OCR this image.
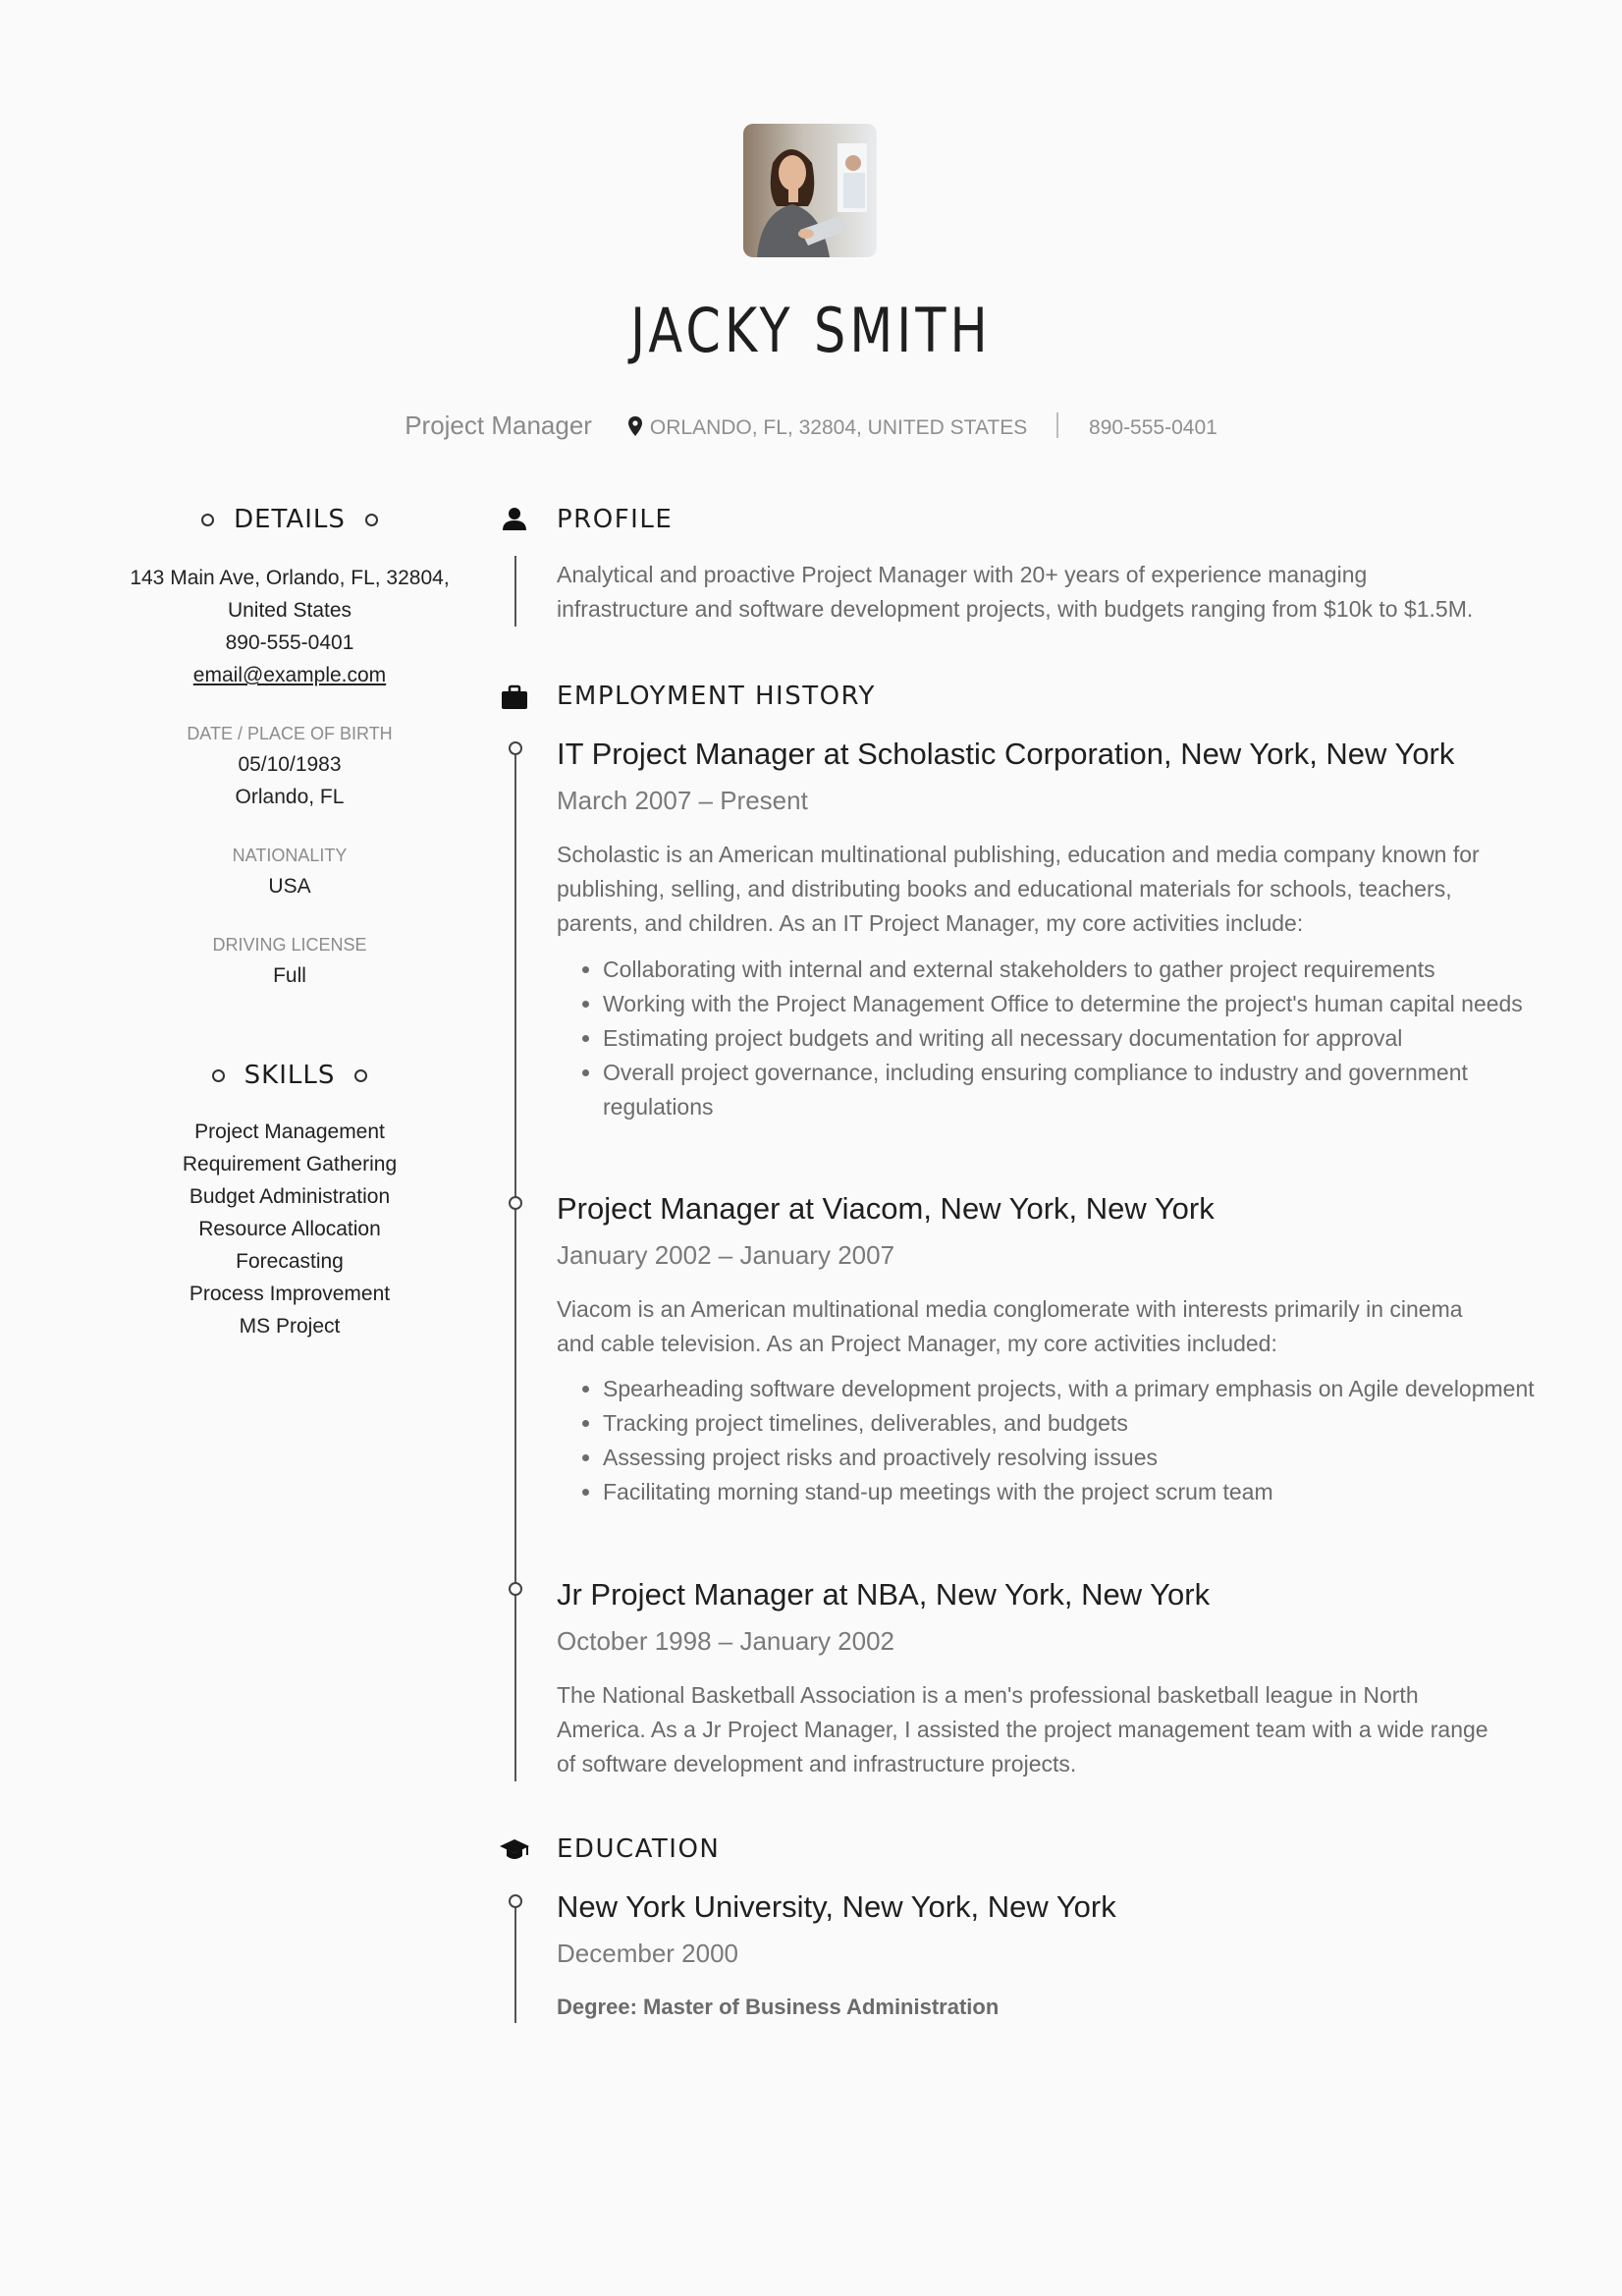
JACKY SMITH
Project Manager	ORLANDO, FL, 32804, UNITED STATES	890-555-0401
DETAILS
143 Main Ave, Orlando, FL, 32804,
United States
890-555-0401
email@example.com
DATE / PLACE OF BIRTH
05/10/1983
Orlando, FL
NATIONALITY
USA
DRIVING LICENSE
Full
SKILLS
Project Management
Requirement Gathering
Budget Administration
Resource Allocation
Forecasting
Process Improvement
MS Project
PROFILE
Analytical and proactive Project Manager with 20+ years of experience managing infrastructure and software development projects, with budgets ranging from $10k to $1.5M.
EMPLOYMENT HISTORY
IT Project Manager at Scholastic Corporation, New York, New York
March 2007 – Present
Scholastic is an American multinational publishing, education and media company known for publishing, selling, and distributing books and educational materials for schools, teachers, parents, and children. As an IT Project Manager, my core activities include:
• Collaborating with internal and external stakeholders to gather project requirements
• Working with the Project Management Office to determine the project's human capital needs
• Estimating project budgets and writing all necessary documentation for approval
• Overall project governance, including ensuring compliance to industry and government regulations
Project Manager at Viacom, New York, New York
January 2002 – January 2007
Viacom is an American multinational media conglomerate with interests primarily in cinema and cable television. As an Project Manager, my core activities included:
• Spearheading software development projects, with a primary emphasis on Agile development
• Tracking project timelines, deliverables, and budgets
• Assessing project risks and proactively resolving issues
• Facilitating morning stand-up meetings with the project scrum team
Jr Project Manager at NBA, New York, New York
October 1998 – January 2002
The National Basketball Association is a men's professional basketball league in North America. As a Jr Project Manager, I assisted the project management team with a wide range of software development and infrastructure projects.
EDUCATION
New York University, New York, New York
December 2000
Degree: Master of Business Administration
